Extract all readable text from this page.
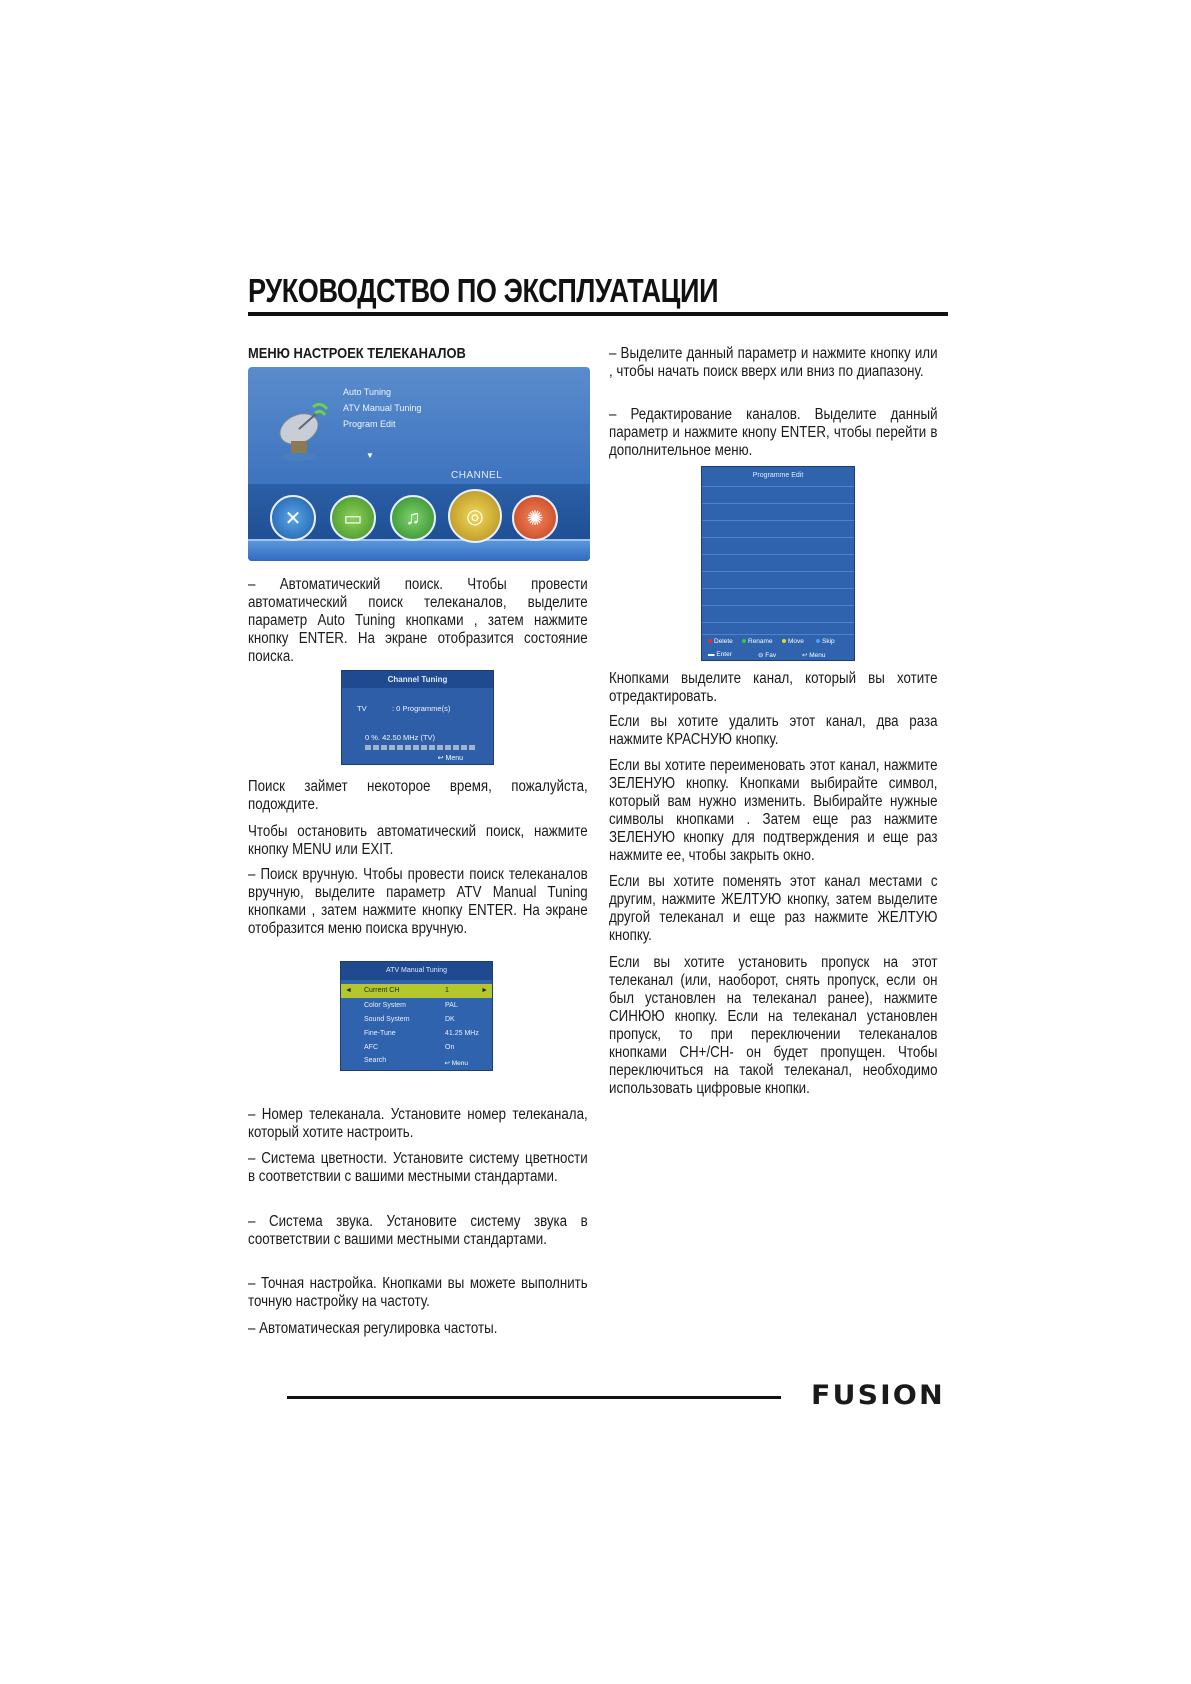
РУКОВОДСТВО ПО ЭКСПЛУАТАЦИИ
МЕНЮ НАСТРОЕК ТЕЛЕКАНАЛОВ
Auto Tuning
ATV Manual Tuning
Program Edit
▼
CHANNEL
✕	▭	♫	◎	✺
– Автоматический поиск. Чтобы провести автоматический поиск телеканалов, выделите параметр Auto Tuning кнопками , затем нажмите кнопку ENTER. На экране отобразится состояние поиска.
Channel Tuning
TV	: 0 Programme(s)
0 %. 42.50 MHz (TV)
↩ Menu
Поиск займет некоторое время, пожалуйста, подождите.
Чтобы остановить автоматический поиск, нажмите кнопку MENU или EXIT.
– Поиск вручную. Чтобы провести поиск телеканалов вручную, выделите параметр ATV Manual Tuning кнопками , затем нажмите кнопку ENTER. На экране отобразится меню поиска вручную.
ATV Manual Tuning
◄ Current CH	1	►
Color System	PAL
Sound System	DK
Fine-Tune	41.25 MHz
AFC	On
Search	↩ Menu
– Номер телеканала. Установите номер телеканала, который хотите настроить.
– Система цветности. Установите систему цветности в соответствии с вашими местными стандартами.
– Система звука. Установите систему звука в соответствии с вашими местными стандартами.
– Точная настройка. Кнопками вы можете выполнить точную настройку на частоту.
– Автоматическая регулировка частоты.
– Выделите данный параметр и нажмите кнопку или , чтобы начать поиск вверх или вниз по диапазону.
– Редактирование каналов. Выделите данный параметр и нажмите кнопу ENTER, чтобы перейти в дополнительное меню.
Programme Edit
Delete	Rename	Move	Skip
▬ Enter	⊖ Fav	↩ Menu
Кнопками выделите канал, который вы хотите отредактировать.
Если вы хотите удалить этот канал, два раза нажмите КРАСНУЮ кнопку.
Если вы хотите переименовать этот канал, нажмите ЗЕЛЕНУЮ кнопку. Кнопками выбирайте символ, который вам нужно изменить. Выбирайте нужные символы кнопками . Затем еще раз нажмите ЗЕЛЕНУЮ кнопку для подтверждения и еще раз нажмите ее, чтобы закрыть окно.
Если вы хотите поменять этот канал местами с другим, нажмите ЖЕЛТУЮ кнопку, затем выделите другой телеканал и еще раз нажмите ЖЕЛТУЮ кнопку.
Если вы хотите установить пропуск на этот телеканал (или, наоборот, снять пропуск, если он был установлен на телеканал ранее), нажмите СИНЮЮ кнопку. Если на телеканал установлен пропуск, то при переключении телеканалов кнопками CH+/CH- он будет пропущен. Чтобы переключиться на такой телеканал, необходимо использовать цифровые кнопки.
FUSION
